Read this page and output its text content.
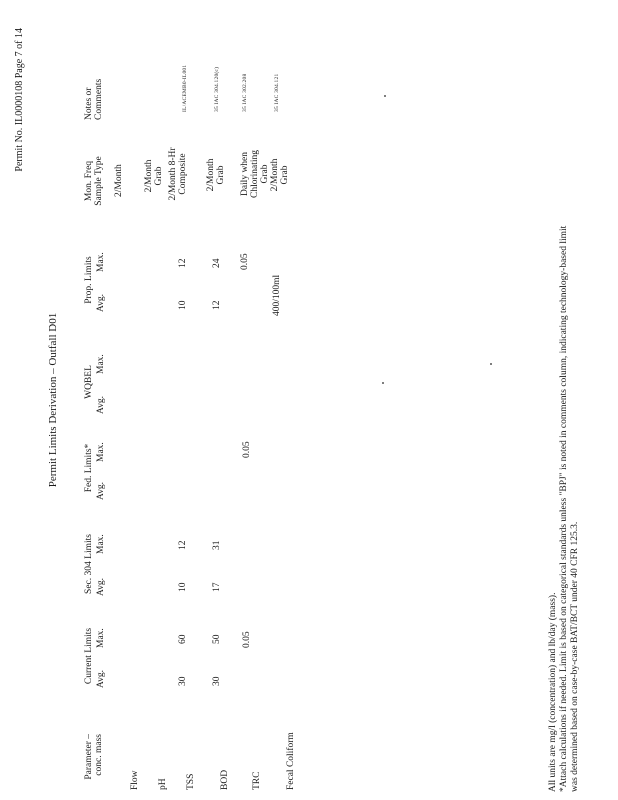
Permit No. IL0000108 Page 7 of 14
Permit Limits Derivation – Outfall D01
Parameter – conc. mass
Current Limits
Sec. 304 Limits
Fed. Limits*
WQBEL
Prop. Limits
Mon. Freq Sample Type
Notes or Comments
Avg.
Max.
Avg.
Max.
Avg.
Max.
Avg.
Max.
Avg.
Max.
Flow
2/Month
pH
2/Month Grab
TSS
30
60
10
12
10
12
2/Month 8-Hr Composite
IL/ACEMB0-IL001
BOD
30
50
17
31
12
24
2/Month Grab
35 IAC 304.120(c)
TRC
0.05
0.05
0.05
Daily when Chlorinating Grab
35 IAC 302.208
Fecal Coliform
400/100ml
2/Month Grab
35 IAC 304.121
All units are mg/l (concentration) and lb/day (mass). *Attach calculations if needed. Limit is based on categorical standards unless "BPJ" is noted in comments column, indicating technology-based limit was determined based on case-by-case BAT/BCT under 40 CFR 125.3.
